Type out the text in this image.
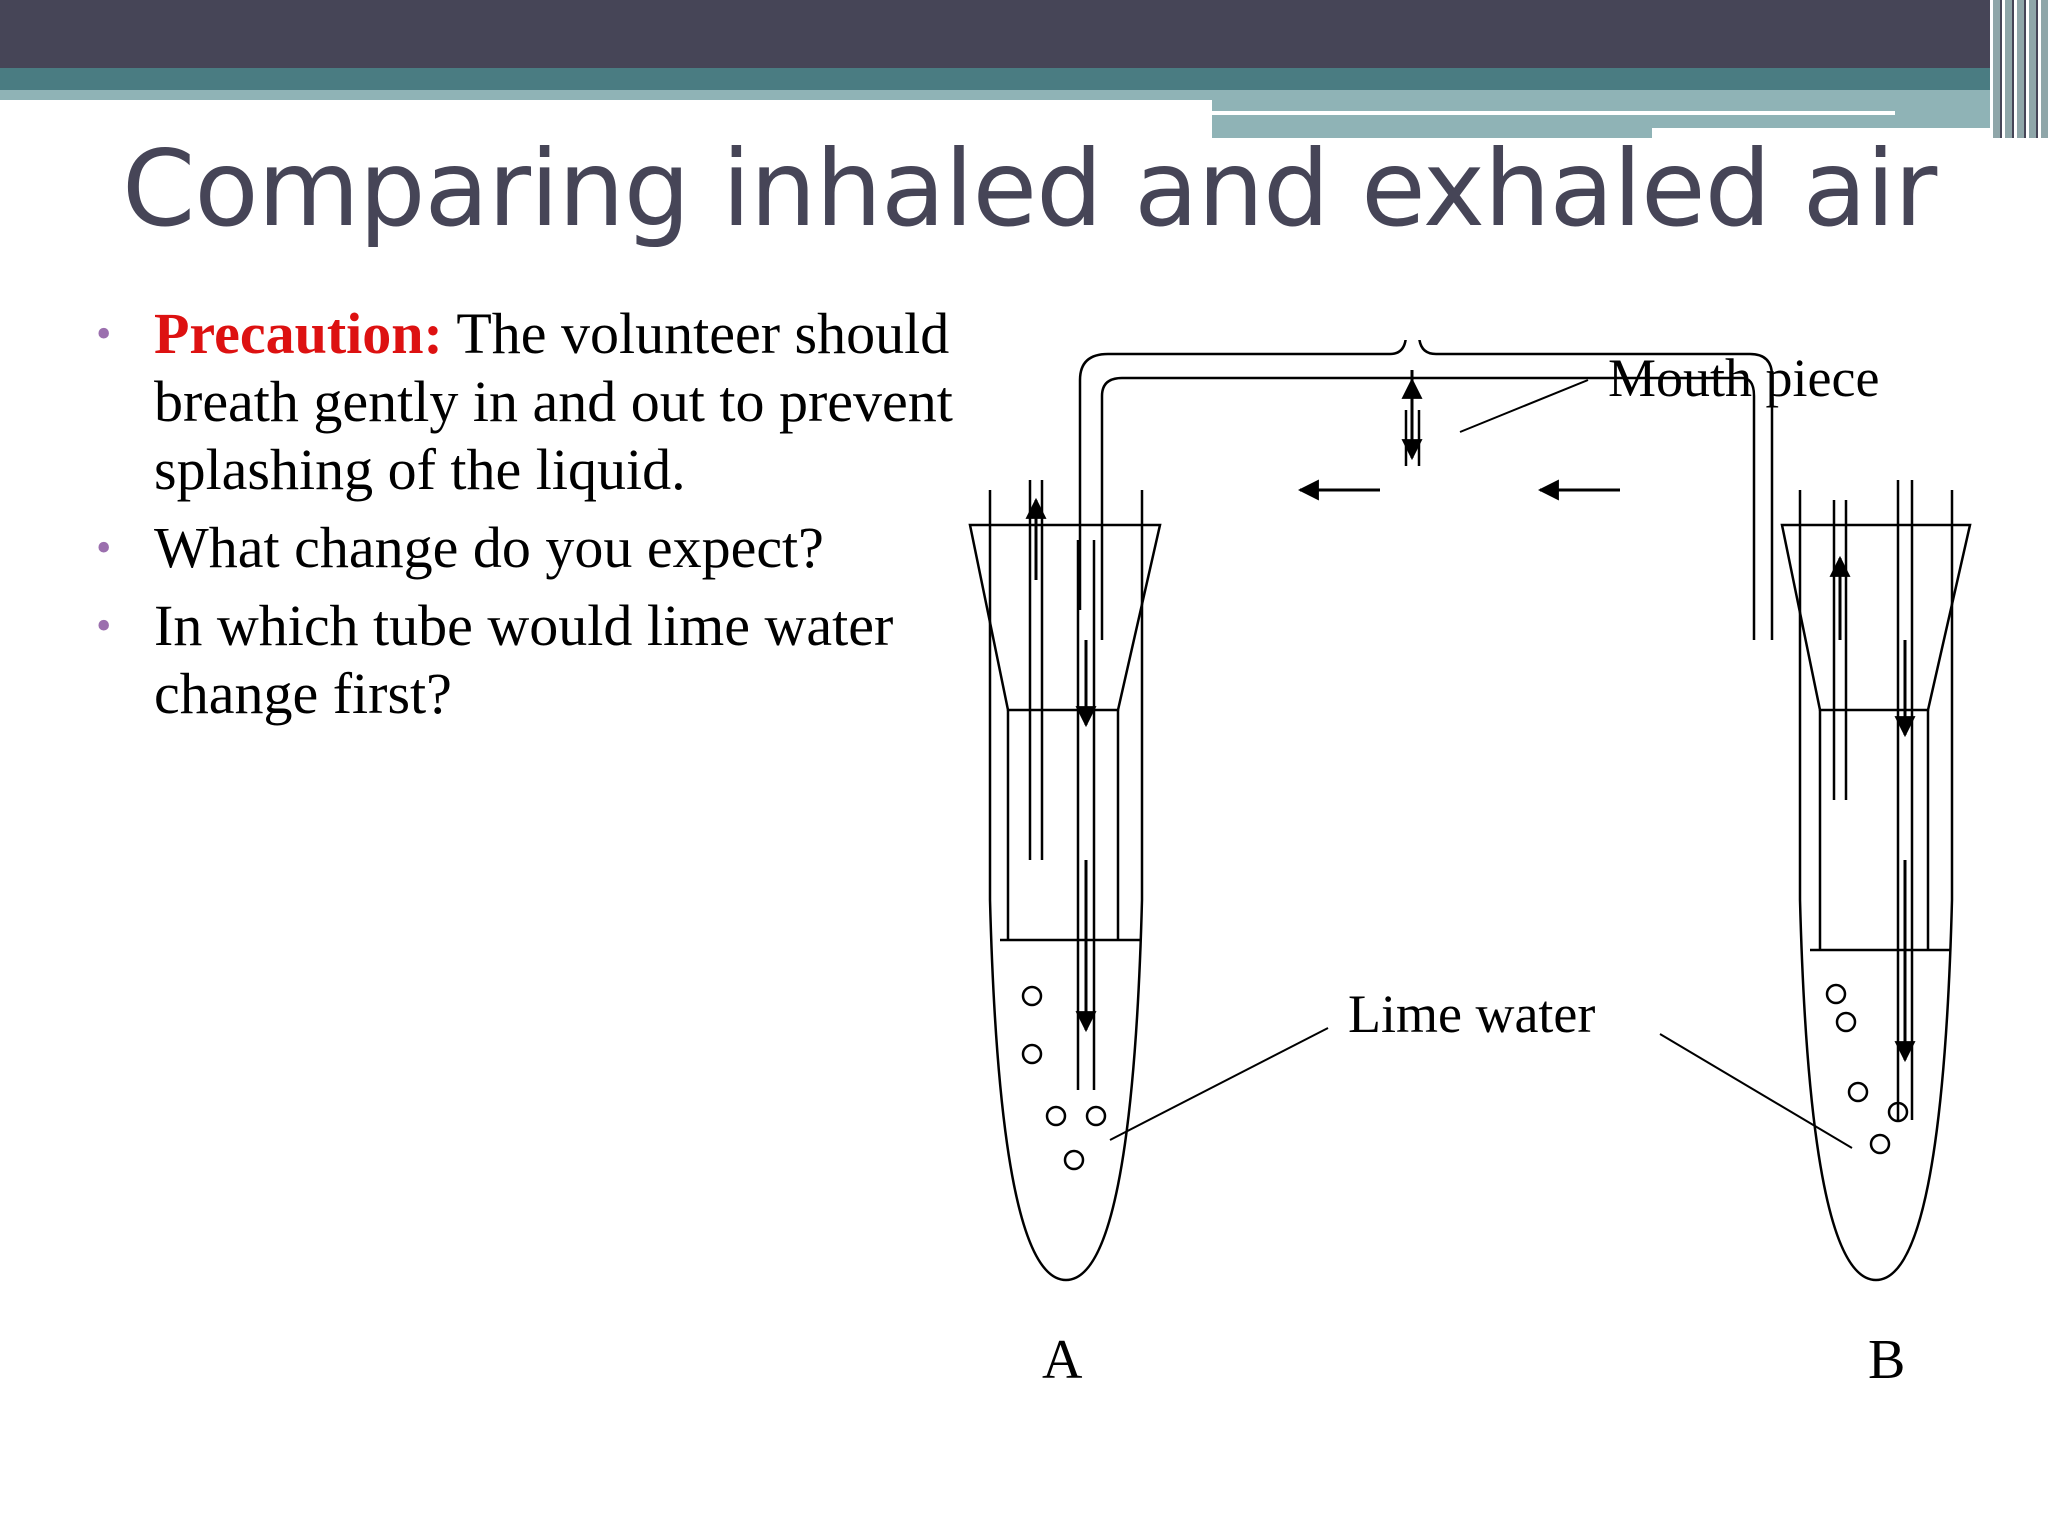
Comparing inhaled and exhaled air
• Precaution: The volunteer should breath gently in and out to prevent splashing of the liquid.
• What change do you expect?
• In which tube would lime water change first?
Mouth piece
Lime water
A	B
